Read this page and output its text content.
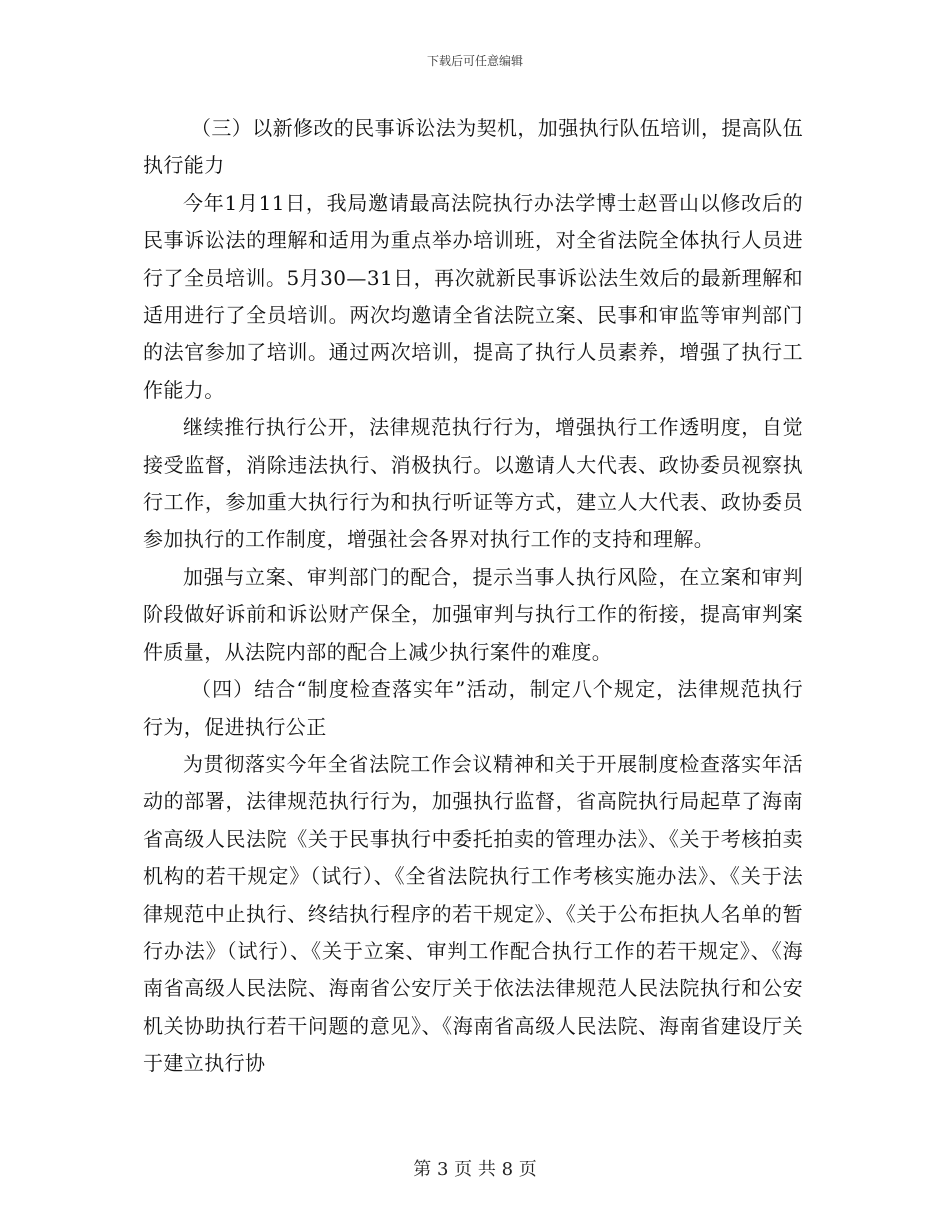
下载后可任意编辑

（三）以新修改的民事诉讼法为契机，加强执行队伍培训，提高队伍执行能力

今年1月11日，我局邀请最高法院执行办法学博士赵晋山以修改后的民事诉讼法的理解和适用为重点举办培训班，对全省法院全体执行人员进行了全员培训。5月30—31日，再次就新民事诉讼法生效后的最新理解和适用进行了全员培训。两次均邀请全省法院立案、民事和审监等审判部门的法官参加了培训。通过两次培训，提高了执行人员素养，增强了执行工作能力。

继续推行执行公开，法律规范执行行为，增强执行工作透明度，自觉接受监督，消除违法执行、消极执行。以邀请人大代表、政协委员视察执行工作，参加重大执行行为和执行听证等方式，建立人大代表、政协委员参加执行的工作制度，增强社会各界对执行工作的支持和理解。

加强与立案、审判部门的配合，提示当事人执行风险，在立案和审判阶段做好诉前和诉讼财产保全，加强审判与执行工作的衔接，提高审判案件质量，从法院内部的配合上减少执行案件的难度。

（四）结合“制度检查落实年”活动，制定八个规定，法律规范执行行为，促进执行公正

为贯彻落实今年全省法院工作会议精神和关于开展制度检查落实年活动的部署，法律规范执行行为，加强执行监督，省高院执行局起草了海南省高级人民法院《关于民事执行中委托拍卖的管理办法》、《关于考核拍卖机构的若干规定》（试行）、《全省法院执行工作考核实施办法》、《关于法律规范中止执行、终结执行程序的若干规定》、《关于公布拒执人名单的暂行办法》（试行）、《关于立案、审判工作配合执行工作的若干规定》、《海南省高级人民法院、海南省公安厅关于依法法律规范人民法院执行和公安机关协助执行若干问题的意见》、《海南省高级人民法院、海南省建设厅关于建立执行协

第 3 页 共 8 页
